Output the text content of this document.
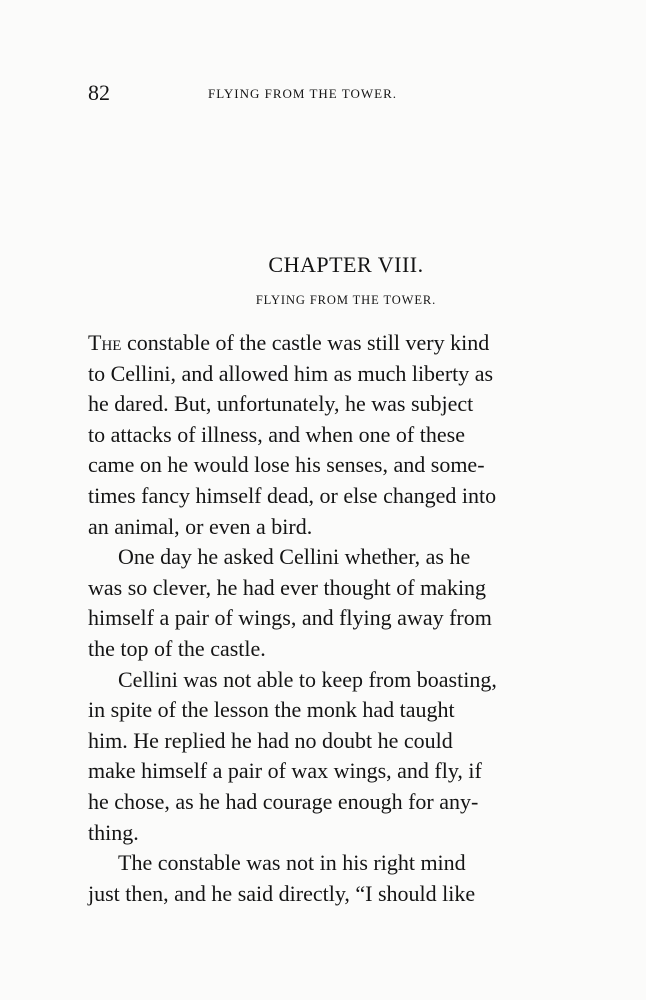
82	FLYING FROM THE TOWER.
CHAPTER VIII.
FLYING FROM THE TOWER.

The constable of the castle was still very kind
to Cellini, and allowed him as much liberty as
he dared. But, unfortunately, he was subject
to attacks of illness, and when one of these
came on he would lose his senses, and some-
times fancy himself dead, or else changed into
an animal, or even a bird.

One day he asked Cellini whether, as he
was so clever, he had ever thought of making
himself a pair of wings, and flying away from
the top of the castle.

Cellini was not able to keep from boasting,
in spite of the lesson the monk had taught
him. He replied he had no doubt he could
make himself a pair of wax wings, and fly, if
he chose, as he had courage enough for any-
thing.

The constable was not in his right mind
just then, and he said directly, “I should like
